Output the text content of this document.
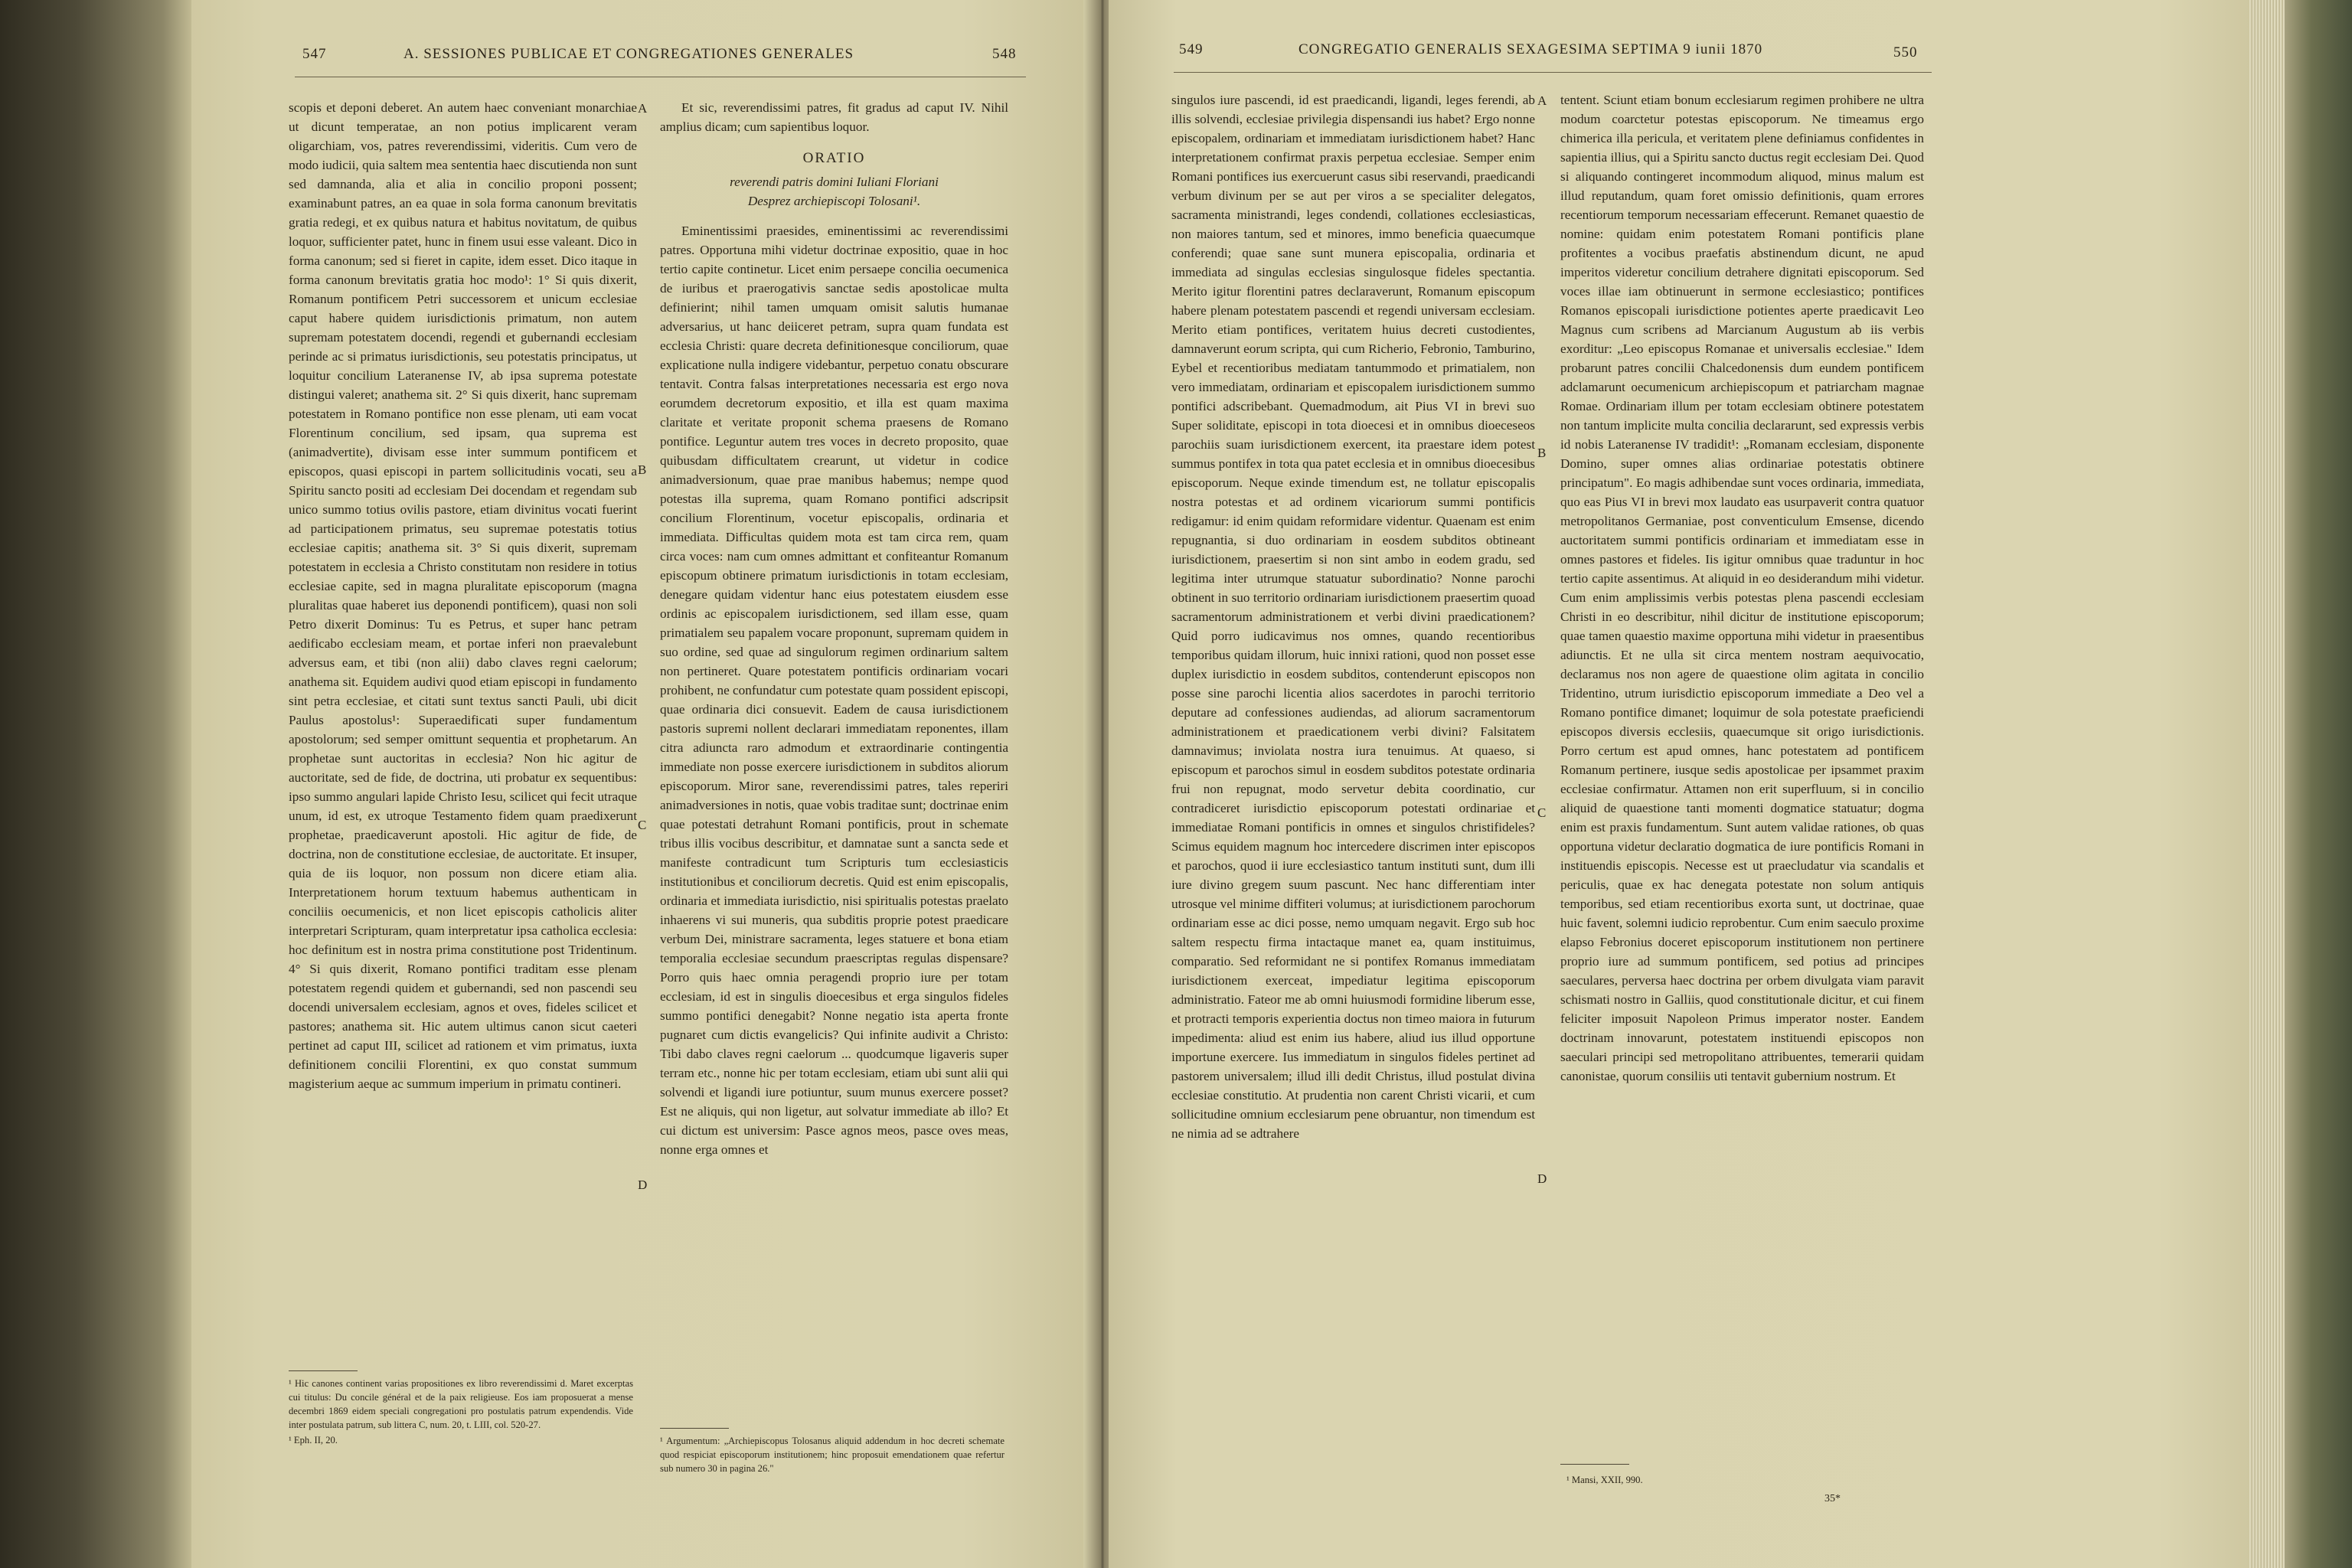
547	A. SESSIONES PUBLICAE ET CONGREGATIONES GENERALES	548

scopis et deponi deberet. An autem haec conveniant monarchiae ut dicunt temperatae, an non potius implicarent veram oligarchiam, vos, patres reverendissimi, videritis. Cum vero de modo iudicii, quia saltem mea sententia haec discutienda non sunt sed damnanda, alia et alia in concilio proponi possent; examinabunt patres, an ea quae in sola forma canonum brevitatis gratia redegi, et ex quibus natura et habitus novitatum, de quibus loquor, sufficienter patet, hunc in finem usui esse valeant. Dico in forma canonum; sed si fieret in capite, idem esset. Dico itaque in forma canonum brevitatis gratia hoc modo¹: 1° Si quis dixerit, Romanum pontificem Petri successorem et unicum ecclesiae caput habere quidem iurisdictionis primatum, non autem supremam potestatem docendi, regendi et gubernandi ecclesiam perinde ac si primatus iurisdictionis, seu potestatis principatus, ut loquitur concilium Lateranense IV, ab ipsa suprema potestate distingui valeret; anathema sit. 2° Si quis dixerit, hanc supremam potestatem in Romano pontifice non esse plenam, uti eam vocat Florentinum concilium, sed ipsam, qua suprema est (animadvertite), divisam esse inter summum pontificem et episcopos, quasi episcopi in partem sollicitudinis vocati, seu a Spiritu sancto positi ad ecclesiam Dei docendam et regendam sub unico summo totius ovilis pastore, etiam divinitus vocati fuerint ad participationem primatus, seu supremae potestatis totius ecclesiae capitis; anathema sit. 3° Si quis dixerit, supremam potestatem in ecclesia a Christo constitutam non residere in totius ecclesiae capite, sed in magna pluralitate episcoporum (magna pluralitas quae haberet ius deponendi pontificem), quasi non soli Petro dixerit Dominus: Tu es Petrus, et super hanc petram aedificabo ecclesiam meam, et portae inferi non praevalebunt adversus eam, et tibi (non alii) dabo claves regni caelorum; anathema sit. Equidem audivi quod etiam episcopi in fundamento sint petra ecclesiae, et citati sunt textus sancti Pauli, ubi dicit Paulus apostolus¹: Superaedificati super fundamentum apostolorum; sed semper omittunt sequentia et prophetarum. An prophetae sunt auctoritas in ecclesia? Non hic agitur de auctoritate, sed de fide, de doctrina, uti probatur ex sequentibus: ipso summo angulari lapide Christo Iesu, scilicet qui fecit utraque unum, id est, ex utroque Testamento fidem quam praedixerunt prophetae, praedicaverunt apostoli. Hic agitur de fide, de doctrina, non de constitutione ecclesiae, de auctoritate. Et insuper, quia de iis loquor, non possum non dicere etiam alia. Interpretationem horum textuum habemus authenticam in conciliis oecumenicis, et non licet episcopis catholicis aliter interpretari Scripturam, quam interpretatur ipsa catholica ecclesia: hoc definitum est in nostra prima constitutione post Tridentinum. 4° Si quis dixerit, Romano pontifici traditam esse plenam potestatem regendi quidem et gubernandi, sed non pascendi seu docendi universalem ecclesiam, agnos et oves, fideles scilicet et pastores; anathema sit. Hic autem ultimus canon sicut caeteri pertinet ad caput III, scilicet ad rationem et vim primatus, iuxta definitionem concilii Florentini, ex quo constat summum magisterium aeque ac summum imperium in primatu contineri.

A
B
C
D

Et sic, reverendissimi patres, fit gradus ad caput IV. Nihil amplius dicam; cum sapientibus loquor.

ORATIO

reverendi patris domini Iuliani Floriani

Desprez archiepiscopi Tolosani¹.

Eminentissimi praesides, eminentissimi ac reverendissimi patres. Opportuna mihi videtur doctrinae expositio, quae in hoc tertio capite continetur. Licet enim persaepe concilia oecumenica de iuribus et praerogativis sanctae sedis apostolicae multa definierint; nihil tamen umquam omisit salutis humanae adversarius, ut hanc deiiceret petram, supra quam fundata est ecclesia Christi: quare decreta definitionesque conciliorum, quae explicatione nulla indigere videbantur, perpetuo conatu obscurare tentavit. Contra falsas interpretationes necessaria est ergo nova eorumdem decretorum expositio, et illa est quam maxima claritate et veritate proponit schema praesens de Romano pontifice. Leguntur autem tres voces in decreto proposito, quae quibusdam difficultatem crearunt, ut videtur in codice animadversionum, quae prae manibus habemus; nempe quod potestas illa suprema, quam Romano pontifici adscripsit concilium Florentinum, vocetur episcopalis, ordinaria et immediata. Difficultas quidem mota est tam circa rem, quam circa voces: nam cum omnes admittant et confiteantur Romanum episcopum obtinere primatum iurisdictionis in totam ecclesiam, denegare quidam videntur hanc eius potestatem eiusdem esse ordinis ac episcopalem iurisdictionem, sed illam esse, quam primatialem seu papalem vocare proponunt, supremam quidem in suo ordine, sed quae ad singulorum regimen ordinarium saltem non pertineret. Quare potestatem pontificis ordinariam vocari prohibent, ne confundatur cum potestate quam possident episcopi, quae ordinaria dici consuevit. Eadem de causa iurisdictionem pastoris supremi nollent declarari immediatam reponentes, illam citra adiuncta raro admodum et extraordinarie contingentia immediate non posse exercere iurisdictionem in subditos aliorum episcoporum. Miror sane, reverendissimi patres, tales reperiri animadversiones in notis, quae vobis traditae sunt; doctrinae enim quae potestati detrahunt Romani pontificis, prout in schemate tribus illis vocibus describitur, et damnatae sunt a sancta sede et manifeste contradicunt tum Scripturis tum ecclesiasticis institutionibus et conciliorum decretis. Quid est enim episcopalis, ordinaria et immediata iurisdictio, nisi spiritualis potestas praelato inhaerens vi sui muneris, qua subditis proprie potest praedicare verbum Dei, ministrare sacramenta, leges statuere et bona etiam temporalia ecclesiae secundum praescriptas regulas dispensare? Porro quis haec omnia peragendi proprio iure per totam ecclesiam, id est in singulis dioecesibus et erga singulos fideles summo pontifici denegabit? Nonne negatio ista aperta fronte pugnaret cum dictis evangelicis? Qui infinite audivit a Christo: Tibi dabo claves regni caelorum ... quodcumque ligaveris super terram etc., nonne hic per totam ecclesiam, etiam ubi sunt alii qui solvendi et ligandi iure potiuntur, suum munus exercere posset? Est ne aliquis, qui non ligetur, aut solvatur immediate ab illo? Et cui dictum est universim: Pasce agnos meos, pasce oves meas, nonne erga omnes et

¹ Hic canones continent varias propositiones ex libro reverendissimi d. Maret excerptas cui titulus: Du concile général et de la paix religieuse. Eos iam proposuerat a mense decembri 1869 eidem speciali congregationi pro postulatis patrum expendendis. Vide inter postulata patrum, sub littera C, num. 20, t. LIII, col. 520-27.

¹ Eph. II, 20.	¹ Argumentum: „Archiepiscopus Tolosanus aliquid addendum in hoc decreti schemate quod respiciat episcoporum institutionem; hinc proposuit emendationem quae refertur sub numero 30 in pagina 26."

549	CONGREGATIO GENERALIS SEXAGESIMA SEPTIMA 9 iunii 1870	550

singulos iure pascendi, id est praedicandi, ligandi, leges ferendi, ab illis solvendi, ecclesiae privilegia dispensandi ius habet? Ergo nonne episcopalem, ordinariam et immediatam iurisdictionem habet? Hanc interpretationem confirmat praxis perpetua ecclesiae. Semper enim Romani pontifices ius exercuerunt casus sibi reservandi, praedicandi verbum divinum per se aut per viros a se specialiter delegatos, sacramenta ministrandi, leges condendi, collationes ecclesiasticas, non maiores tantum, sed et minores, immo beneficia quaecumque conferendi; quae sane sunt munera episcopalia, ordinaria et immediata ad singulas ecclesias singulosque fideles spectantia. Merito igitur florentini patres declaraverunt, Romanum episcopum habere plenam potestatem pascendi et regendi universam ecclesiam. Merito etiam pontifices, veritatem huius decreti custodientes, damnaverunt eorum scripta, qui cum Richerio, Febronio, Tamburino, Eybel et recentioribus mediatam tantummodo et primatialem, non vero immediatam, ordinariam et episcopalem iurisdictionem summo pontifici adscribebant. Quemadmodum, ait Pius VI in brevi suo Super soliditate, episcopi in tota dioecesi et in omnibus dioeceseos parochiis suam iurisdictionem exercent, ita praestare idem potest summus pontifex in tota qua patet ecclesia et in omnibus dioecesibus episcoporum. Neque exinde timendum est, ne tollatur episcopalis nostra potestas et ad ordinem vicariorum summi pontificis redigamur: id enim quidam reformidare videntur. Quaenam est enim repugnantia, si duo ordinariam in eosdem subditos obtineant iurisdictionem, praesertim si non sint ambo in eodem gradu, sed legitima inter utrumque statuatur subordinatio? Nonne parochi obtinent in suo territorio ordinariam iurisdictionem praesertim quoad sacramentorum administrationem et verbi divini praedicationem? Quid porro iudicavimus nos omnes, quando recentioribus temporibus quidam illorum, huic innixi rationi, quod non posset esse duplex iurisdictio in eosdem subditos, contenderunt episcopos non posse sine parochi licentia alios sacerdotes in parochi territorio deputare ad confessiones audiendas, ad aliorum sacramentorum administrationem et praedicationem verbi divini? Falsitatem damnavimus; inviolata nostra iura tenuimus. At quaeso, si episcopum et parochos simul in eosdem subditos potestate ordinaria frui non repugnat, modo servetur debita coordinatio, cur contradiceret iurisdictio episcoporum potestati ordinariae et immediatae Romani pontificis in omnes et singulos christifideles? Scimus equidem magnum hoc intercedere discrimen inter episcopos et parochos, quod ii iure ecclesiastico tantum instituti sunt, dum illi iure divino gregem suum pascunt. Nec hanc differentiam inter utrosque vel minime diffiteri volumus; at iurisdictionem parochorum ordinariam esse ac dici posse, nemo umquam negavit. Ergo sub hoc saltem respectu firma intactaque manet ea, quam instituimus, comparatio. Sed reformidant ne si pontifex Romanus immediatam iurisdictionem exerceat, impediatur legitima episcoporum administratio. Fateor me ab omni huiusmodi formidine liberum esse, et protracti temporis experientia doctus non timeo maiora in futurum impedimenta: aliud est enim ius habere, aliud ius illud opportune importune exercere. Ius immediatum in singulos fideles pertinet ad pastorem universalem; illud illi dedit Christus, illud postulat divina ecclesiae constitutio. At prudentia non carent Christi vicarii, et cum sollicitudine omnium ecclesiarum pene obruantur, non timendum est ne nimia ad se adtrahere

A
B
C
D

tentent. Sciunt etiam bonum ecclesiarum regimen prohibere ne ultra modum coarctetur potestas episcoporum. Ne timeamus ergo chimerica illa pericula, et veritatem plene definiamus confidentes in sapientia illius, qui a Spiritu sancto ductus regit ecclesiam Dei. Quod si aliquando contingeret incommodum aliquod, minus malum est illud reputandum, quam foret omissio definitionis, quam errores recentiorum temporum necessariam effecerunt. Remanet quaestio de nomine: quidam enim potestatem Romani pontificis plane profitentes a vocibus praefatis abstinendum dicunt, ne apud imperitos videretur concilium detrahere dignitati episcoporum. Sed voces illae iam obtinuerunt in sermone ecclesiastico; pontifices Romanos episcopali iurisdictione potientes aperte praedicavit Leo Magnus cum scribens ad Marcianum Augustum ab iis verbis exorditur: „Leo episcopus Romanae et universalis ecclesiae." Idem probarunt patres concilii Chalcedonensis dum eundem pontificem adclamarunt oecumenicum archiepiscopum et patriarcham magnae Romae. Ordinariam illum per totam ecclesiam obtinere potestatem non tantum implicite multa concilia declararunt, sed expressis verbis id nobis Lateranense IV tradidit¹: „Romanam ecclesiam, disponente Domino, super omnes alias ordinariae potestatis obtinere principatum". Eo magis adhibendae sunt voces ordinaria, immediata, quo eas Pius VI in brevi mox laudato eas usurpaverit contra quatuor metropolitanos Germaniae, post conventiculum Emsense, dicendo auctoritatem summi pontificis ordinariam et immediatam esse in omnes pastores et fideles. Iis igitur omnibus quae traduntur in hoc tertio capite assentimus. At aliquid in eo desiderandum mihi videtur. Cum enim amplissimis verbis potestas plena pascendi ecclesiam Christi in eo describitur, nihil dicitur de institutione episcoporum; quae tamen quaestio maxime opportuna mihi videtur in praesentibus adiunctis. Et ne ulla sit circa mentem nostram aequivocatio, declaramus nos non agere de quaestione olim agitata in concilio Tridentino, utrum iurisdictio episcoporum immediate a Deo vel a Romano pontifice dimanet; loquimur de sola potestate praeficiendi episcopos diversis ecclesiis, quaecumque sit origo iurisdictionis. Porro certum est apud omnes, hanc potestatem ad pontificem Romanum pertinere, iusque sedis apostolicae per ipsammet praxim ecclesiae confirmatur. Attamen non erit superfluum, si in concilio aliquid de quaestione tanti momenti dogmatice statuatur; dogma enim est praxis fundamentum. Sunt autem validae rationes, ob quas opportuna videtur declaratio dogmatica de iure pontificis Romani in instituendis episcopis. Necesse est ut praecludatur via scandalis et periculis, quae ex hac denegata potestate non solum antiquis temporibus, sed etiam recentioribus exorta sunt, ut doctrinae, quae huic favent, solemni iudicio reprobentur. Cum enim saeculo proxime elapso Febronius doceret episcoporum institutionem non pertinere proprio iure ad summum pontificem, sed potius ad principes saeculares, perversa haec doctrina per orbem divulgata viam paravit schismati nostro in Galliis, quod constitutionale dicitur, et cui finem feliciter imposuit Napoleon Primus imperator noster. Eandem doctrinam innovarunt, potestatem instituendi episcopos non saeculari principi sed metropolitano attribuentes, temerarii quidam canonistae, quorum consiliis uti tentavit gubernium nostrum. Et

¹ Mansi, XXII, 990.

35*
